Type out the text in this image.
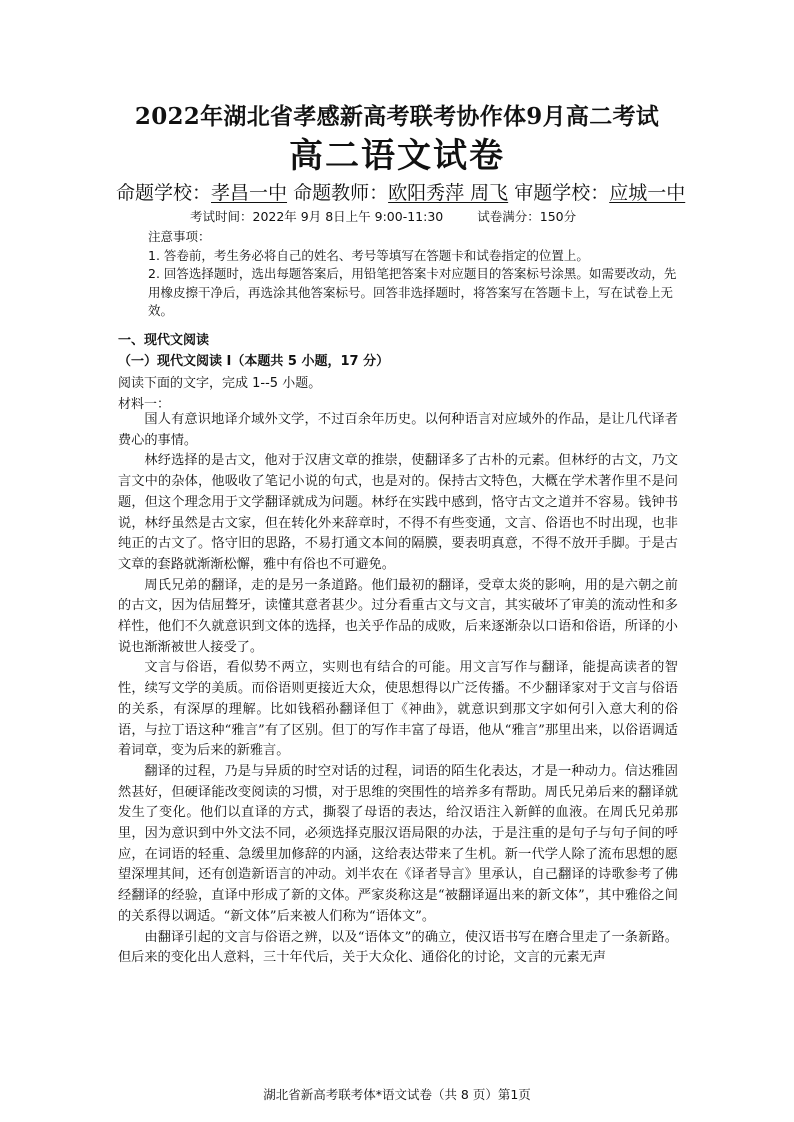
2022年湖北省孝感新高考联考协作体9月高二考试
高二语文试卷
命题学校：孝昌一中 命题教师：欧阳秀萍 周飞 审题学校：应城一中
考试时间：2022年 9月 8日上午 9:00-11:30	试卷满分：150分
注意事项：
1. 答卷前，考生务必将自己的姓名、考号等填写在答题卡和试卷指定的位置上。
2. 回答选择题时，选出每题答案后，用铅笔把答案卡对应题目的答案标号涂黑。如需要改动，先用橡皮擦干净后，再选涂其他答案标号。回答非选择题时，将答案写在答题卡上，写在试卷上无效。
一、现代文阅读
（一）现代文阅读 I（本题共 5 小题，17 分）
阅读下面的文字，完成 1--5 小题。
材料一：

国人有意识地译介域外文学，不过百余年历史。以何种语言对应域外的作品，是让几代译者费心的事情。

林纾选择的是古文，他对于汉唐文章的推崇，使翻译多了古朴的元素。但林纾的古文，乃文言文中的杂体，他吸收了笔记小说的句式，也是对的。保持古文特色，大概在学术著作里不是问题，但这个理念用于文学翻译就成为问题。林纾在实践中感到，恪守古文之道并不容易。钱钟书说，林纾虽然是古文家，但在转化外来辞章时，不得不有些变通，文言、俗语也不时出现，也非纯正的古文了。恪守旧的思路，不易打通文本间的隔膜，要表明真意，不得不放开手脚。于是古文章的套路就渐渐松懈，雅中有俗也不可避免。

周氏兄弟的翻译，走的是另一条道路。他们最初的翻译，受章太炎的影响，用的是六朝之前的古文，因为佶屈聱牙，读懂其意者甚少。过分看重古文与文言，其实破坏了审美的流动性和多样性，他们不久就意识到文体的选择，也关乎作品的成败，后来逐渐杂以口语和俗语，所译的小说也渐渐被世人接受了。

文言与俗语，看似势不两立，实则也有结合的可能。用文言写作与翻译，能提高读者的智性，续写文学的美质。而俗语则更接近大众，使思想得以广泛传播。不少翻译家对于文言与俗语的关系，有深厚的理解。比如钱稻孙翻译但丁《神曲》，就意识到那文字如何引入意大利的俗语，与拉丁语这种“雅言”有了区别。但丁的写作丰富了母语，他从“雅言”那里出来，以俗语调适着词章，变为后来的新雅言。

翻译的过程，乃是与异质的时空对话的过程，词语的陌生化表达，才是一种动力。信达雅固然甚好，但硬译能改变阅读的习惯，对于思维的突围性的培养多有帮助。周氏兄弟后来的翻译就发生了变化。他们以直译的方式，撕裂了母语的表达，给汉语注入新鲜的血液。在周氏兄弟那里，因为意识到中外文法不同，必须选择克服汉语局限的办法，于是注重的是句子与句子间的呼应，在词语的轻重、急缓里加修辞的内涵，这给表达带来了生机。新一代学人除了流布思想的愿望深埋其间，还有创造新语言的冲动。刘半农在《译者导言》里承认，自己翻译的诗歌参考了佛经翻译的经验，直译中形成了新的文体。严家炎称这是“被翻译逼出来的新文体”，其中雅俗之间的关系得以调适。“新文体”后来被人们称为“语体文”。

由翻译引起的文言与俗语之辨，以及“语体文”的确立，使汉语书写在磨合里走了一条新路。但后来的变化出人意料，三十年代后，关于大众化、通俗化的讨论，文言的元素无声

湖北省新高考联考体*语文试卷（共 8 页）第1页
